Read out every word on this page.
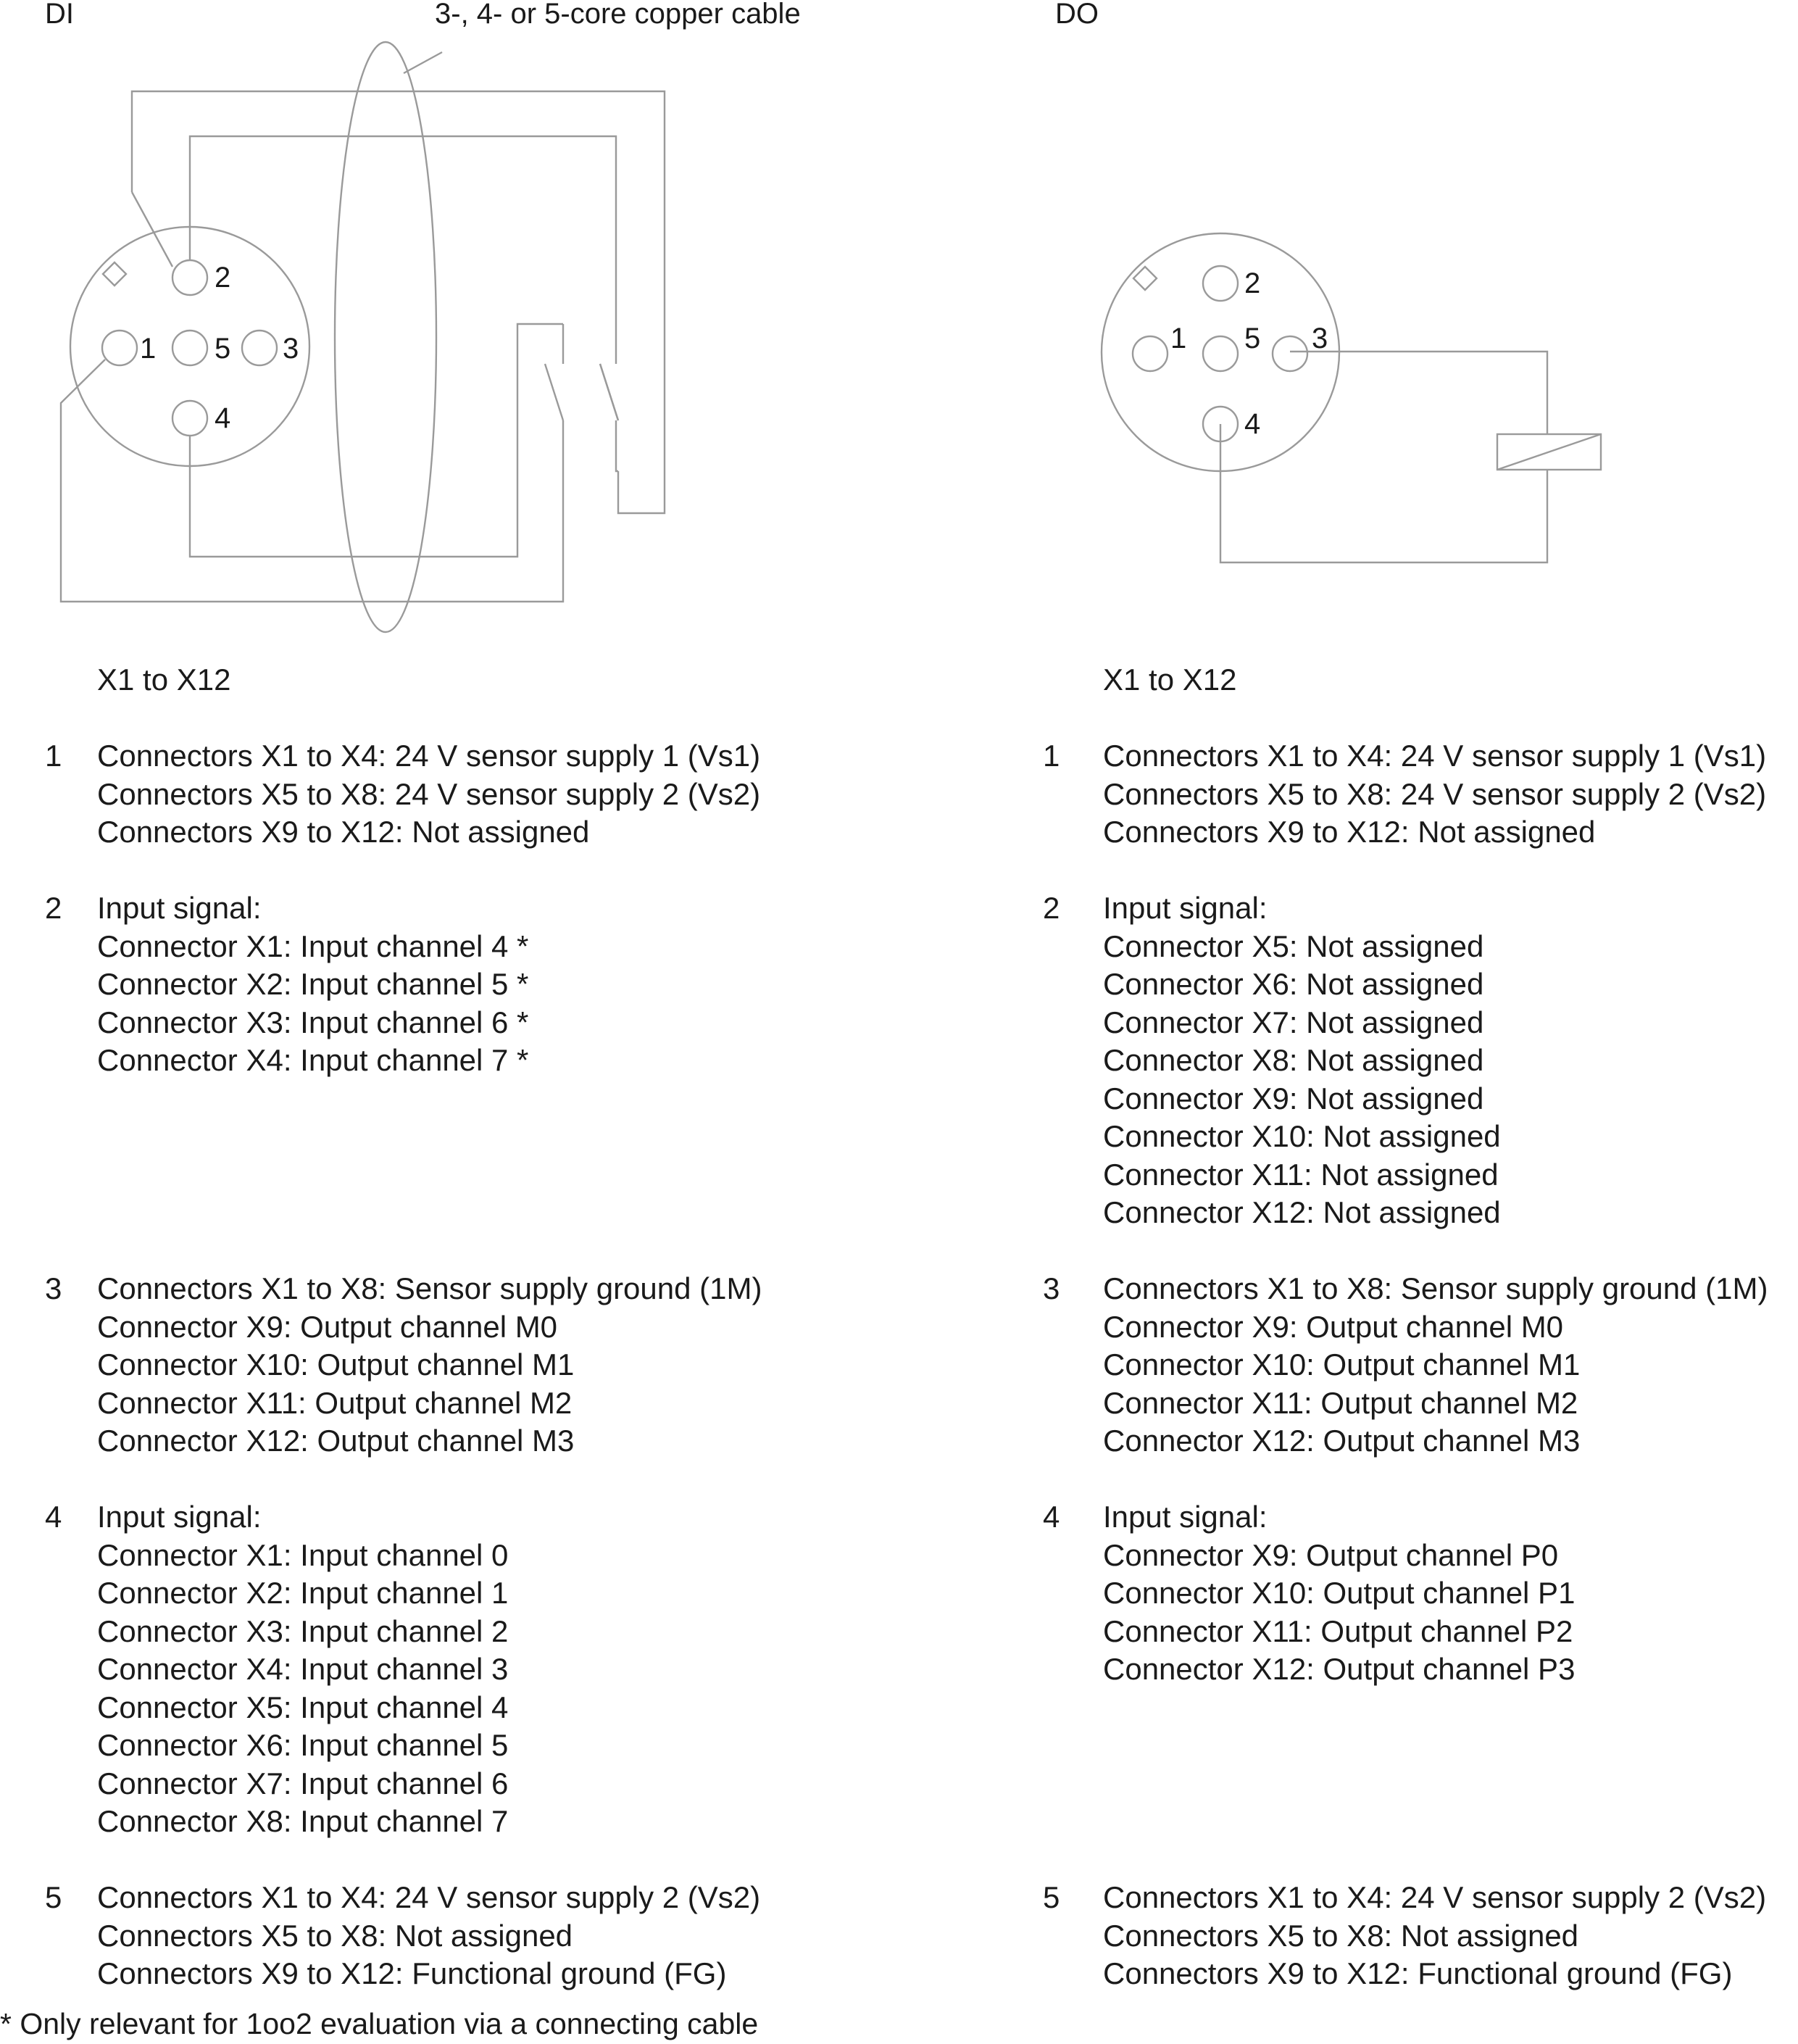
DI	3-, 4- or 5-core copper cable	DO
2
1 5 3
4
2
1 5 3
4
X1 to X12
1 Connectors X1 to X4: 24 V sensor supply 1 (Vs1)
Connectors X5 to X8: 24 V sensor supply 2 (Vs2)
Connectors X9 to X12: Not assigned
2 Input signal:
Connector X1: Input channel 4 *
Connector X2: Input channel 5 *
Connector X3: Input channel 6 *
Connector X4: Input channel 7 *
3 Connectors X1 to X8: Sensor supply ground (1M)
Connector X9: Output channel M0
Connector X10: Output channel M1
Connector X11: Output channel M2
Connector X12: Output channel M3
4 Input signal:
Connector X1: Input channel 0
Connector X2: Input channel 1
Connector X3: Input channel 2
Connector X4: Input channel 3
Connector X5: Input channel 4
Connector X6: Input channel 5
Connector X7: Input channel 6
Connector X8: Input channel 7
5 Connectors X1 to X4: 24 V sensor supply 2 (Vs2)
Connectors X5 to X8: Not assigned
Connectors X9 to X12: Functional ground (FG)
X1 to X12
1 Connectors X1 to X4: 24 V sensor supply 1 (Vs1)
Connectors X5 to X8: 24 V sensor supply 2 (Vs2)
Connectors X9 to X12: Not assigned
2 Input signal:
Connector X5: Not assigned
Connector X6: Not assigned
Connector X7: Not assigned
Connector X8: Not assigned
Connector X9: Not assigned
Connector X10: Not assigned
Connector X11: Not assigned
Connector X12: Not assigned
3 Connectors X1 to X8: Sensor supply ground (1M)
Connector X9: Output channel M0
Connector X10: Output channel M1
Connector X11: Output channel M2
Connector X12: Output channel M3
4 Input signal:
Connector X9: Output channel P0
Connector X10: Output channel P1
Connector X11: Output channel P2
Connector X12: Output channel P3
5 Connectors X1 to X4: 24 V sensor supply 2 (Vs2)
Connectors X5 to X8: Not assigned
Connectors X9 to X12: Functional ground (FG)
* Only relevant for 1oo2 evaluation via a connecting cable
